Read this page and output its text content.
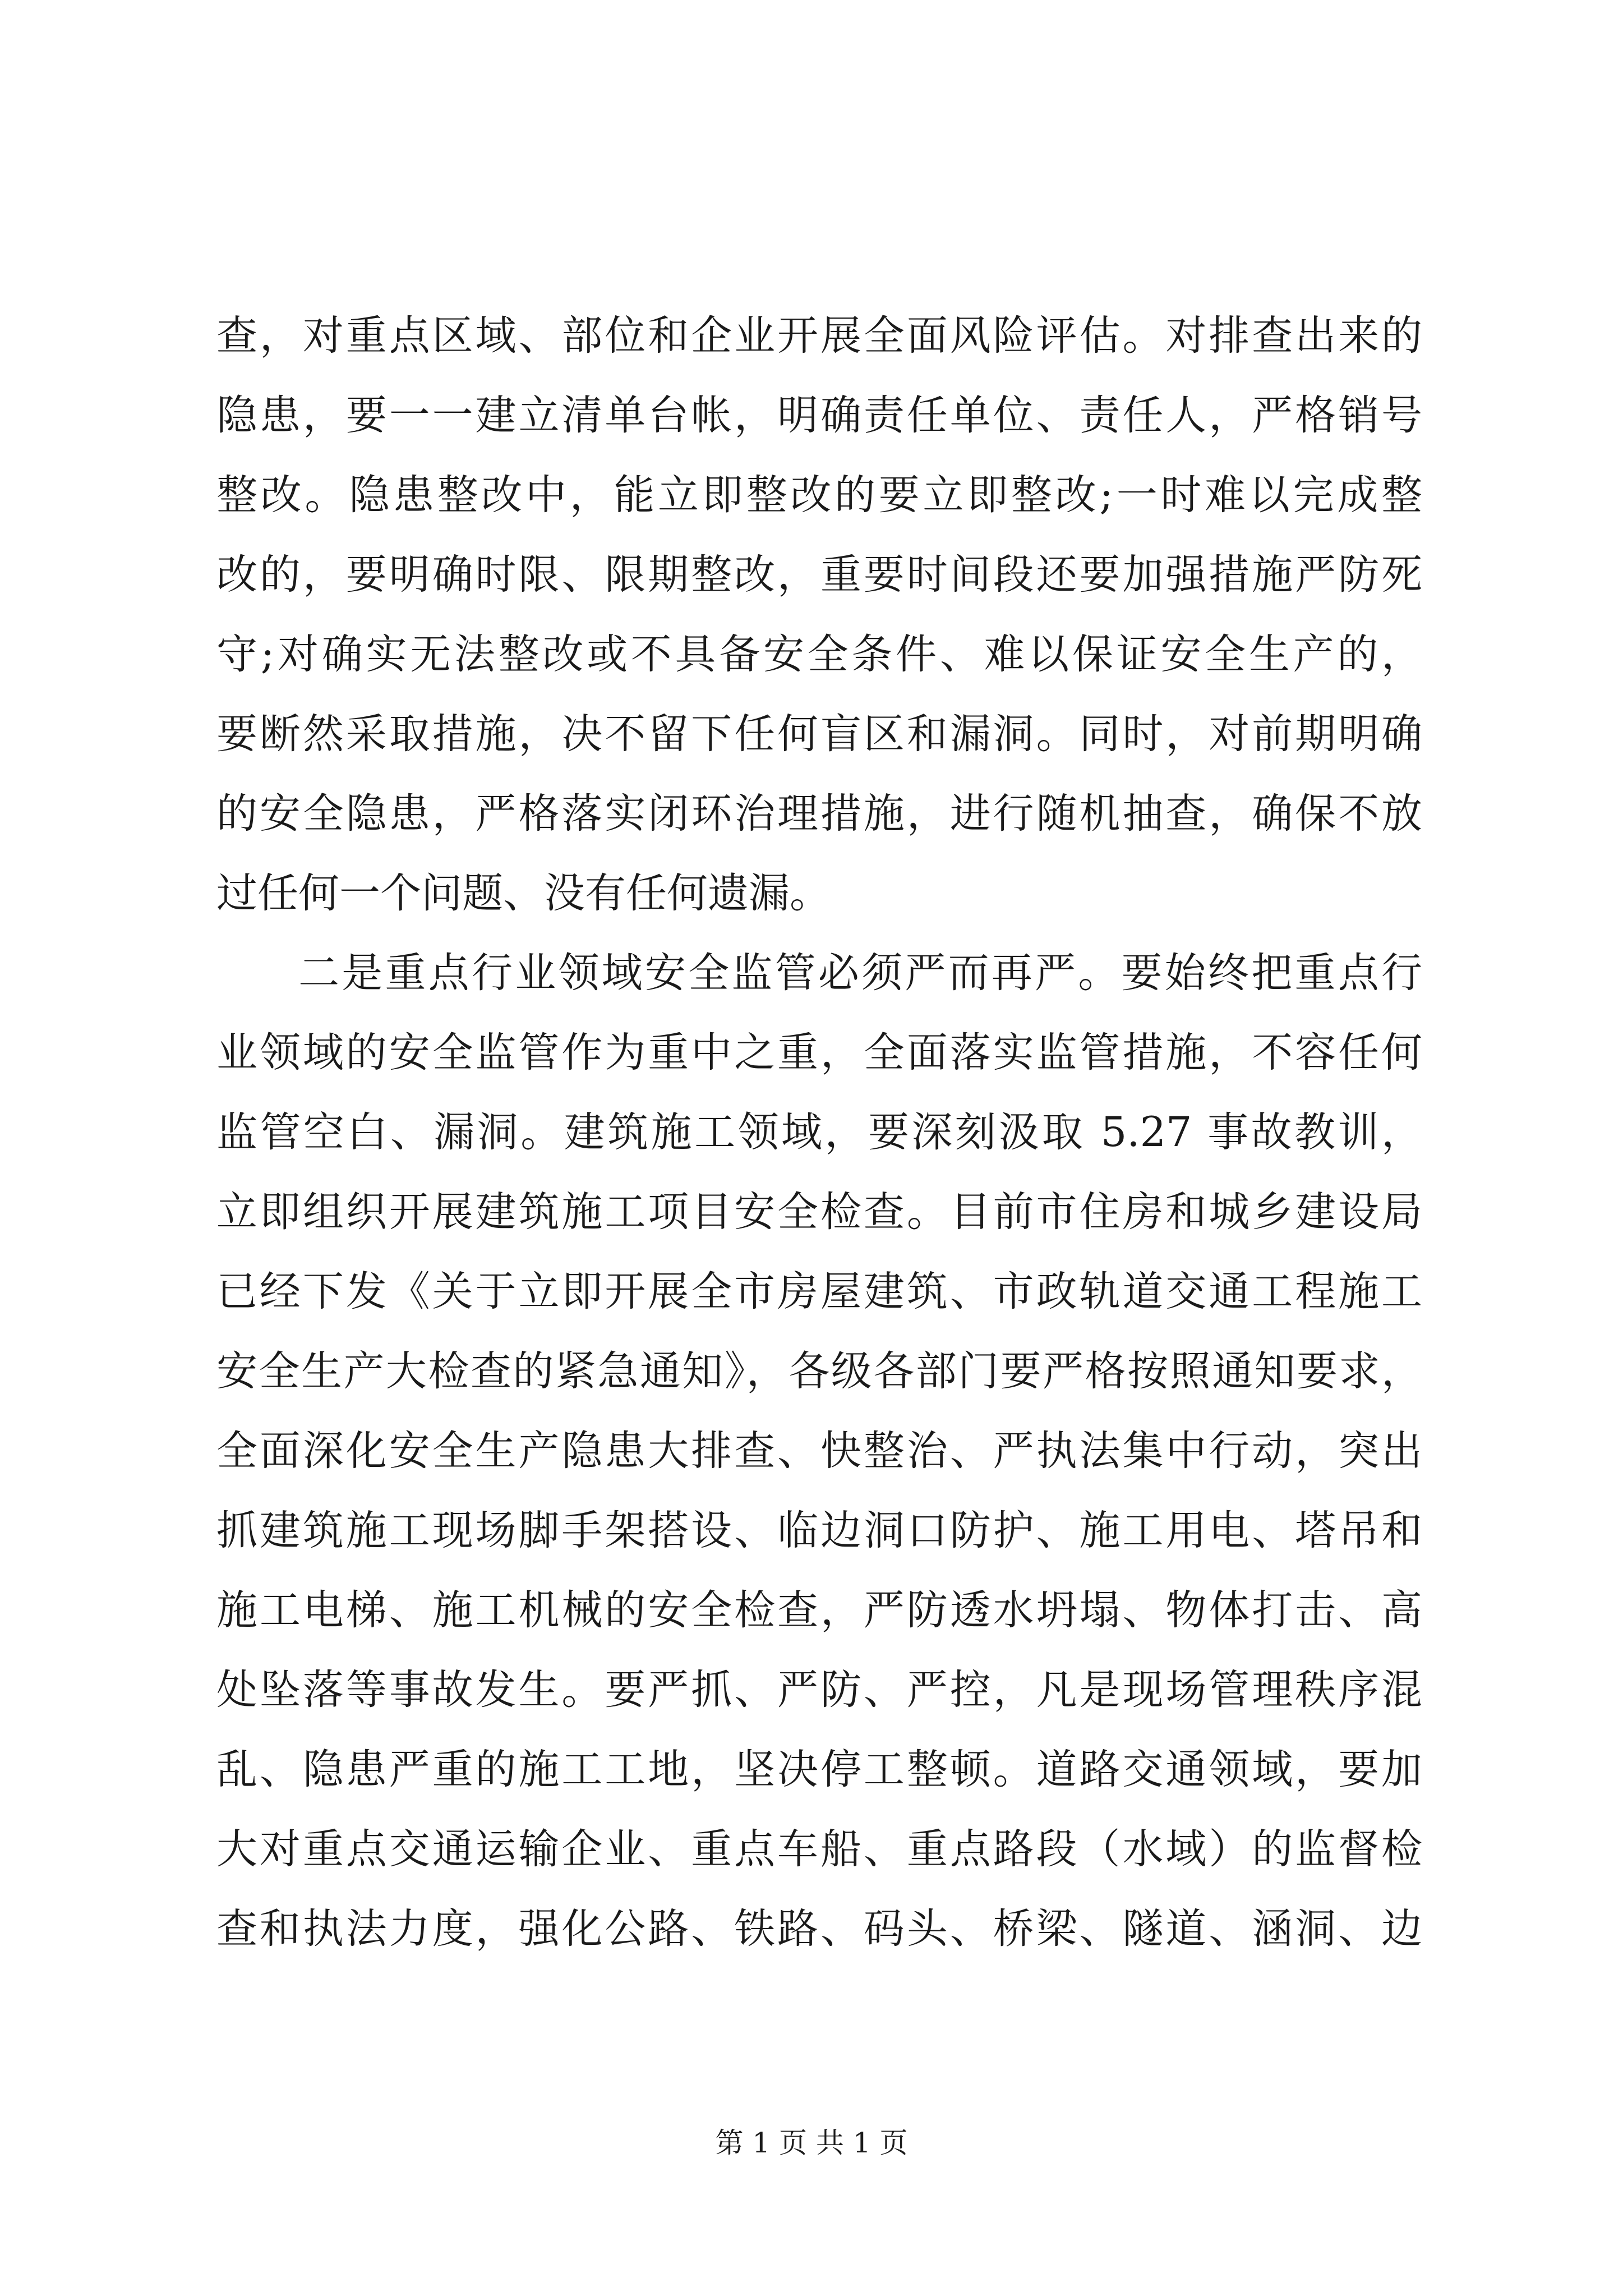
查，对重点区域、部位和企业开展全面风险评估。对排查出来的
隐患，要一一建立清单台帐，明确责任单位、责任人，严格销号
整改。隐患整改中，能立即整改的要立即整改;一时难以完成整
改的，要明确时限、限期整改，重要时间段还要加强措施严防死
守;对确实无法整改或不具备安全条件、难以保证安全生产的，
要断然采取措施，决不留下任何盲区和漏洞。同时，对前期明确
的安全隐患，严格落实闭环治理措施，进行随机抽查，确保不放
过任何一个问题、没有任何遗漏。
二是重点行业领域安全监管必须严而再严。要始终把重点行
业领域的安全监管作为重中之重，全面落实监管措施，不容任何
监管空白、漏洞。建筑施工领域，要深刻汲取 5.27 事故教训，
立即组织开展建筑施工项目安全检查。目前市住房和城乡建设局
已经下发《关于立即开展全市房屋建筑、市政轨道交通工程施工
安全生产大检查的紧急通知》，各级各部门要严格按照通知要求，
全面深化安全生产隐患大排查、快整治、严执法集中行动，突出
抓建筑施工现场脚手架搭设、临边洞口防护、施工用电、塔吊和
施工电梯、施工机械的安全检查，严防透水坍塌、物体打击、高
处坠落等事故发生。要严抓、严防、严控，凡是现场管理秩序混
乱、隐患严重的施工工地，坚决停工整顿。道路交通领域，要加
大对重点交通运输企业、重点车船、重点路段（水域）的监督检
查和执法力度，强化公路、铁路、码头、桥梁、隧道、涵洞、边
第 1 页 共 1 页
